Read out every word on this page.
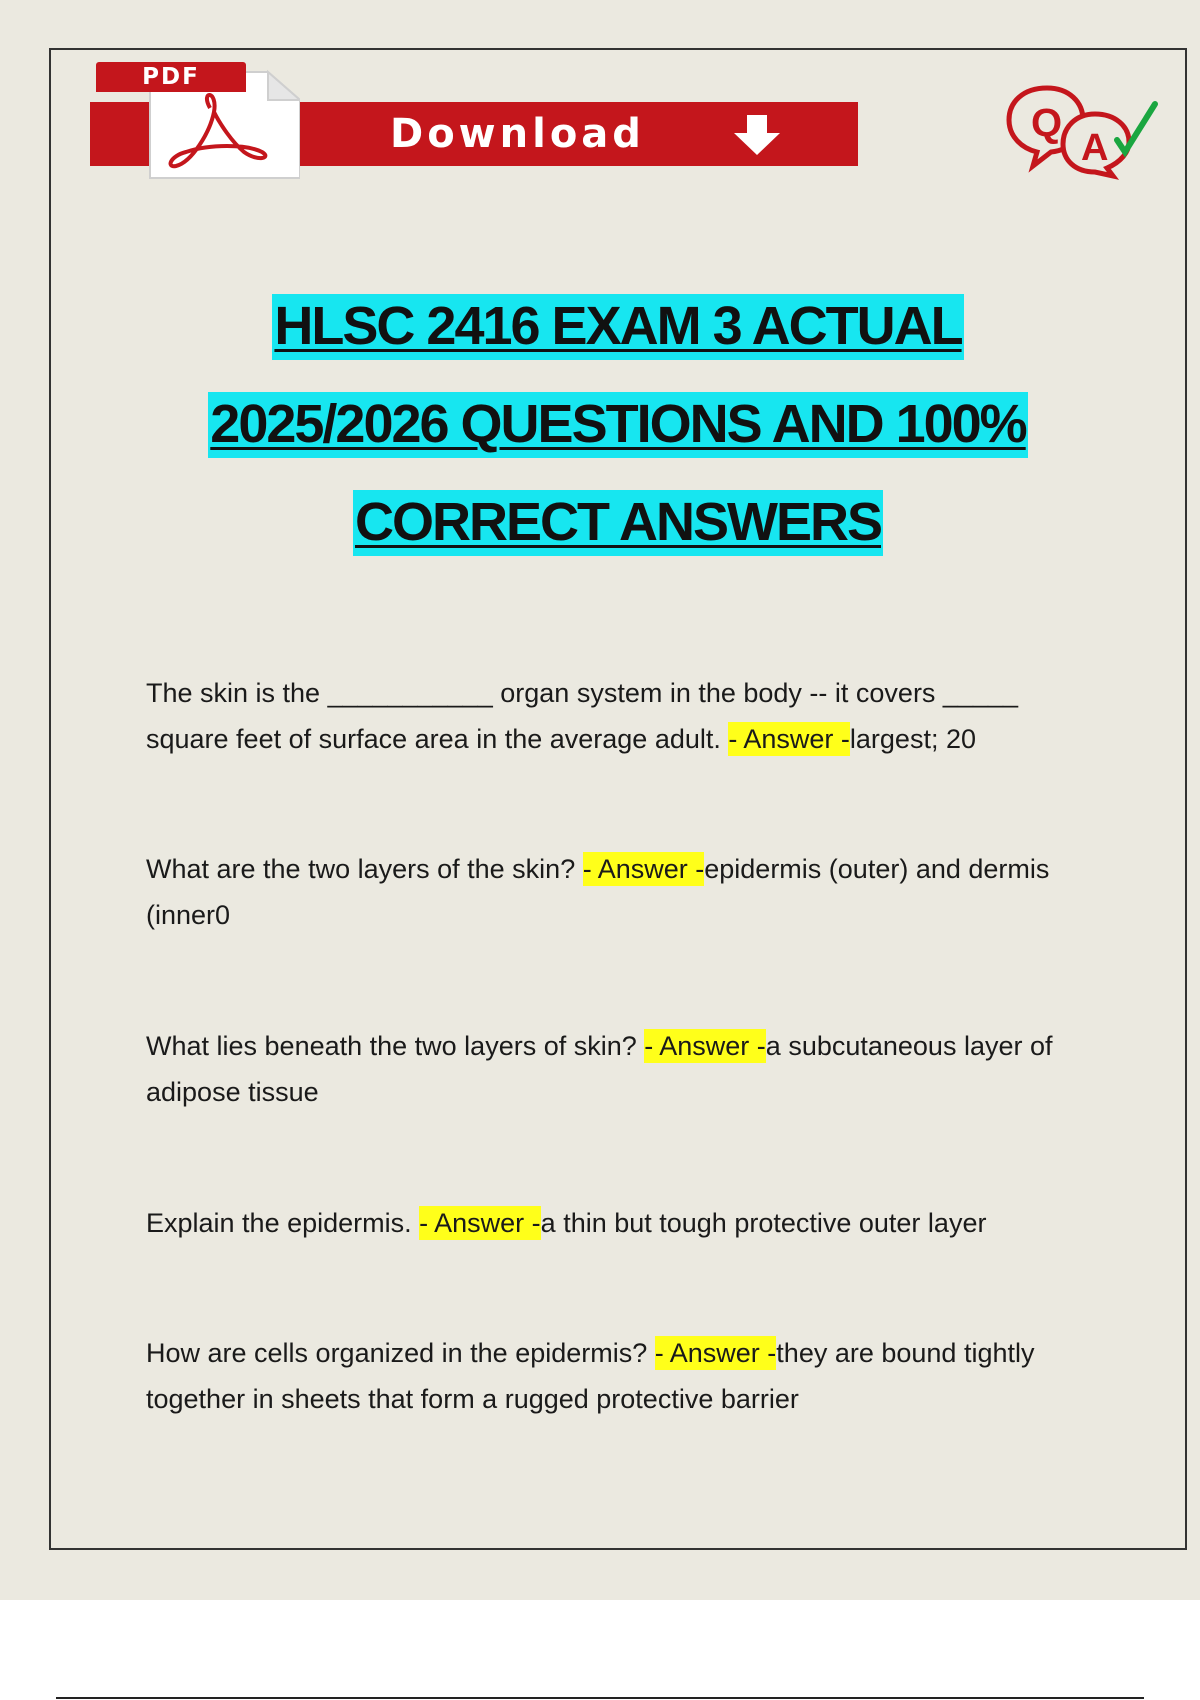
PDF
Download	Q
A
HLSC 2416 EXAM 3 ACTUAL
2025/2026 QUESTIONS AND 100%
CORRECT ANSWERS
The skin is the ___________ organ system in the body -- it covers _____ square feet of surface area in the average adult. - Answer -largest; 20
What are the two layers of the skin? - Answer -epidermis (outer) and dermis (inner0
What lies beneath the two layers of skin? - Answer -a subcutaneous layer of adipose tissue
Explain the epidermis. - Answer -a thin but tough protective outer layer
How are cells organized in the epidermis? - Answer -they are bound tightly together in sheets that form a rugged protective barrier
